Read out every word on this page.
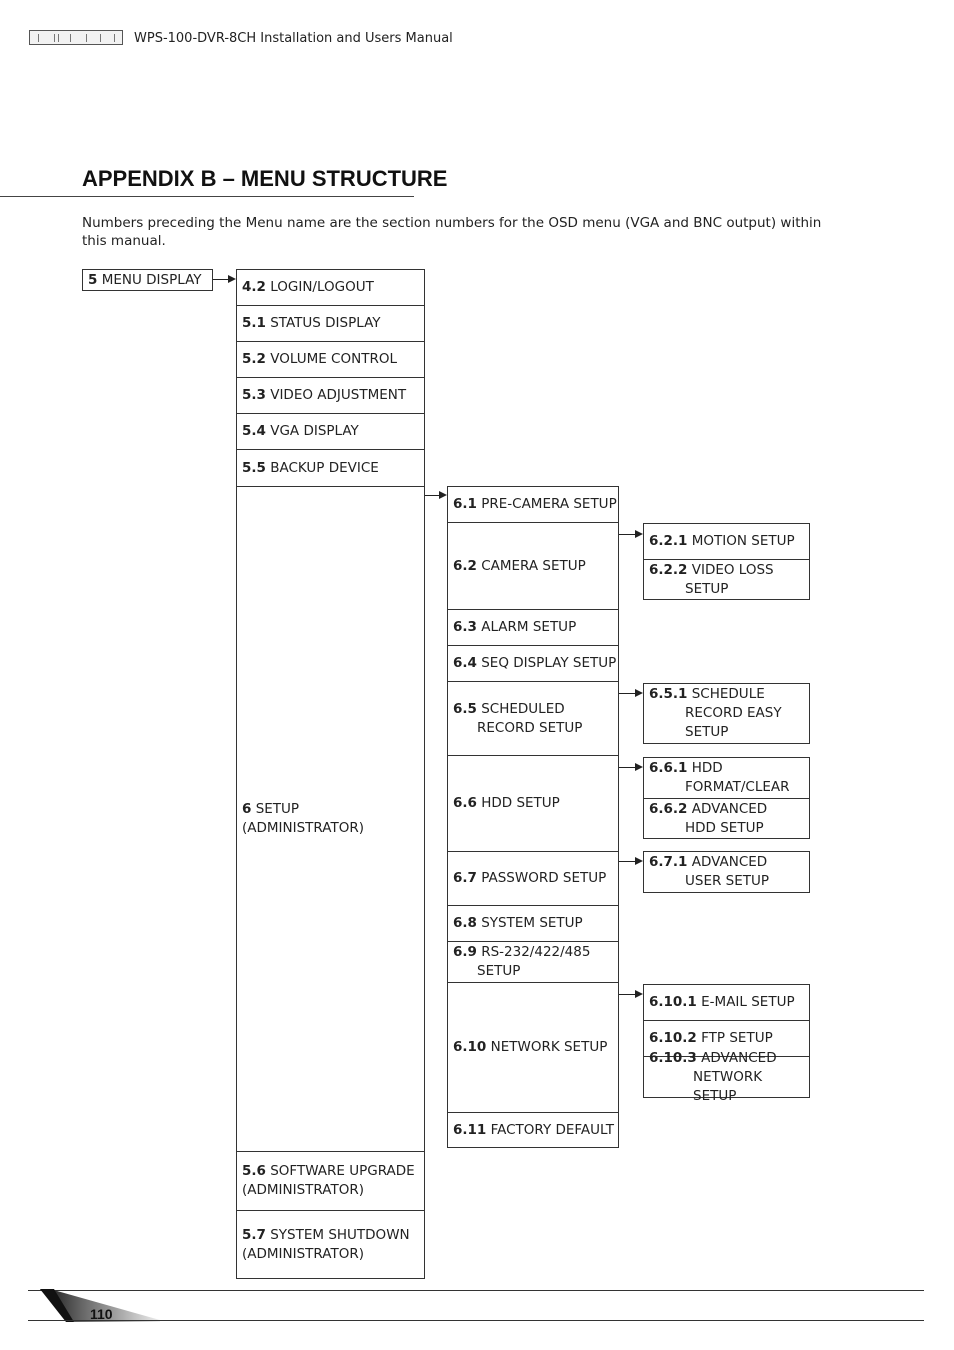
WPS-100-DVR-8CH Installation and Users Manual
APPENDIX B – MENU STRUCTURE
Numbers preceding the Menu name are the section numbers for the OSD menu (VGA and BNC output) within this manual.
5 MENU DISPLAY	4.2 LOGIN/LOGOUT
5.1 STATUS DISPLAY
5.2 VOLUME CONTROL
5.3 VIDEO ADJUSTMENT
5.4 VGA DISPLAY
5.5 BACKUP DEVICE
6 SETUP
(ADMINISTRATOR)
5.6 SOFTWARE UPGRADE
(ADMINISTRATOR)
5.7 SYSTEM SHUTDOWN
(ADMINISTRATOR)
6.1 PRE-CAMERA SETUP
6.2 CAMERA SETUP
6.3 ALARM SETUP
6.4 SEQ DISPLAY SETUP
6.5 SCHEDULED
RECORD SETUP
6.6 HDD SETUP
6.7 PASSWORD SETUP
6.8 SYSTEM SETUP
6.9 RS-232/422/485
SETUP
6.10 NETWORK SETUP
6.11 FACTORY DEFAULT
6.2.1 MOTION SETUP
6.2.2 VIDEO LOSS
SETUP
6.5.1 SCHEDULE
RECORD EASY
SETUP
6.6.1 HDD
FORMAT/CLEAR
6.6.2 ADVANCED
HDD SETUP
6.7.1 ADVANCED
USER SETUP
6.10.1 E-MAIL SETUP
6.10.2 FTP SETUP
6.10.3 ADVANCED
NETWORK SETUP
110
